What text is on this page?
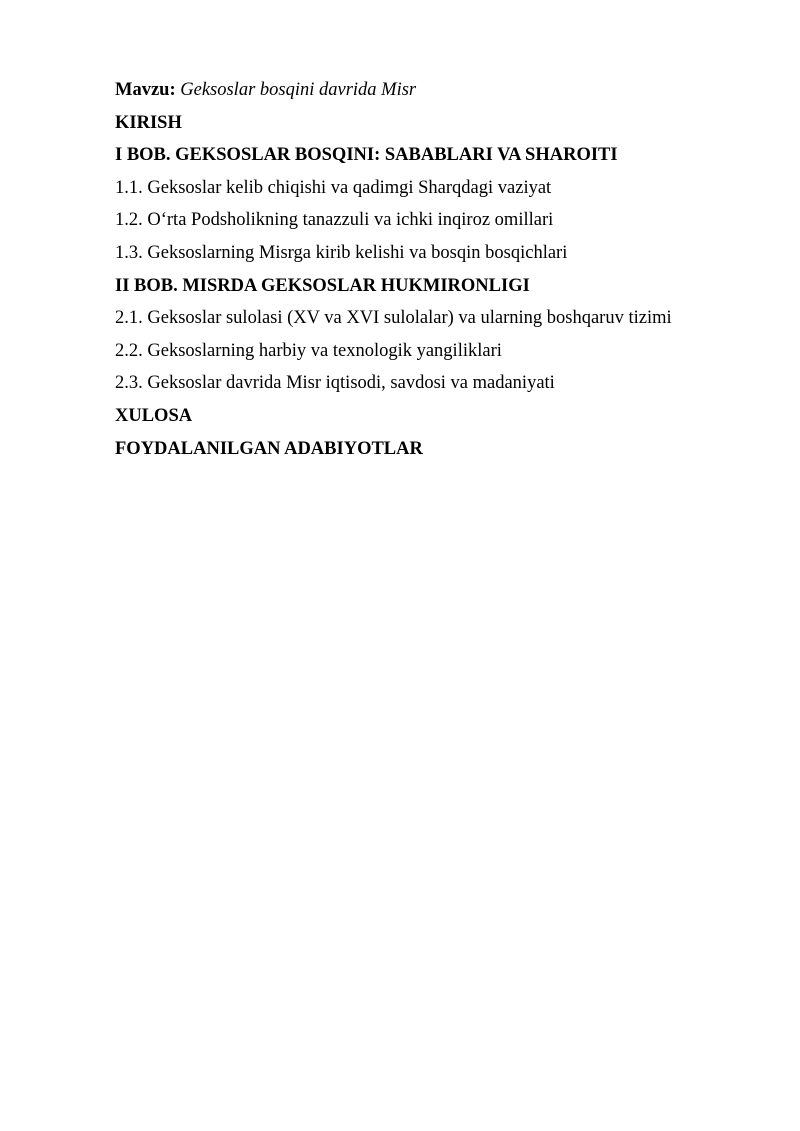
Mavzu: Geksoslar bosqini davrida Misr
KIRISH
I BOB. GEKSOSLAR BOSQINI: SABABLARI VA SHAROITI
1.1. Geksoslar kelib chiqishi va qadimgi Sharqdagi vaziyat
1.2. Oʻrta Podsholikning tanazzuli va ichki inqiroz omillari
1.3. Geksoslarning Misrga kirib kelishi va bosqin bosqichlari
II BOB. MISRDA GEKSOSLAR HUKMIRONLIGI
2.1. Geksoslar sulolasi (XV va XVI sulolalar) va ularning boshqaruv tizimi
2.2. Geksoslarning harbiy va texnologik yangiliklari
2.3. Geksoslar davrida Misr iqtisodi, savdosi va madaniyati
XULOSA
FOYDALANILGAN ADABIYOTLAR
